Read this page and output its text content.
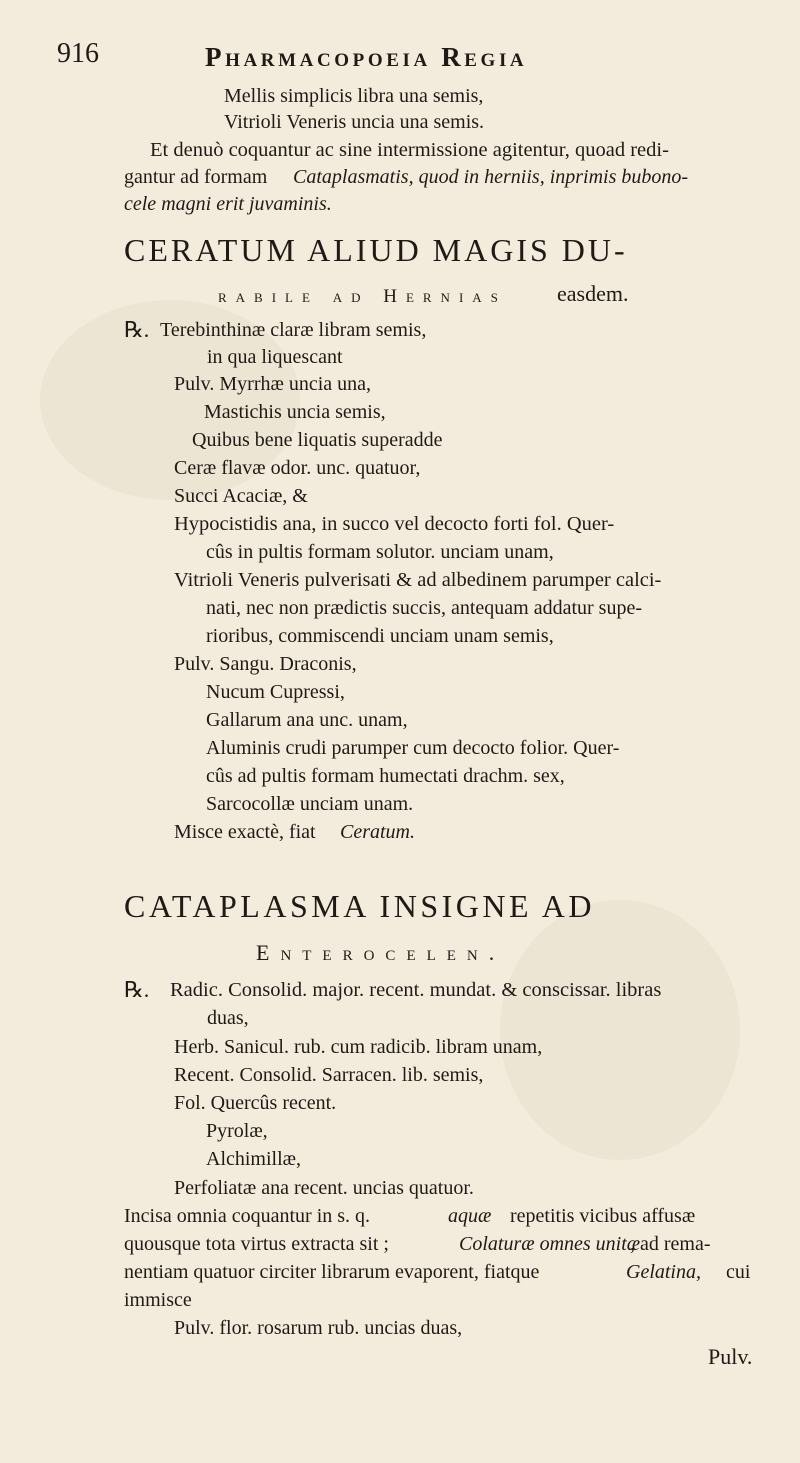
916	Pharmacopoeia Regia
Mellis simplicis libra una semis,
Vitrioli Veneris uncia una semis.
Et denuò coquantur ac sine intermissione agitentur, quoad redi-
gantur ad formam Cataplasmatis, quod in herniis, inprimis bubono-
cele magni erit juvaminis.
CERATUM ALIUD MAGIS DU-
rabile ad Hernias easdem.
℞. Terebinthinæ claræ libram semis,
in qua liquescant
Pulv. Myrrhæ uncia una,
Mastichis uncia semis,
Quibus bene liquatis superadde
Ceræ flavæ odor. unc. quatuor,
Succi Acaciæ, &
Hypocistidis ana, in succo vel decocto forti fol. Quer-
cûs in pultis formam solutor. unciam unam,
Vitrioli Veneris pulverisati & ad albedinem parumper calci-
nati, nec non prædictis succis, antequam addatur supe-
rioribus, commiscendi unciam unam semis,
Pulv. Sangu. Draconis,
Nucum Cupressi,
Gallarum ana unc. unam,
Aluminis crudi parumper cum decocto folior. Quer-
cûs ad pultis formam humectati drachm. sex,
Sarcocollæ unciam unam.
Misce exactè, fiat Ceratum.
CATAPLASMA INSIGNE AD
Enterocelen.
℞. Radic. Consolid. major. recent. mundat. & conscissar. libras
duas,
Herb. Sanicul. rub. cum radicib. libram unam,
Recent. Consolid. Sarracen. lib. semis,
Fol. Quercûs recent.
Pyrolæ,
Alchimillæ,
Perfoliatæ ana recent. uncias quatuor.
Incisa omnia coquantur in s. q.	aquæ repetitis vicibus affusæ
quousque tota virtus extracta sit ;	Colaturæ omnes unitæ
, ad rema-
nentiam quatuor circiter librarum evaporent, fiatque	Gelatina, cui
immisce
Pulv. flor. rosarum rub. uncias duas,
Pulv.
